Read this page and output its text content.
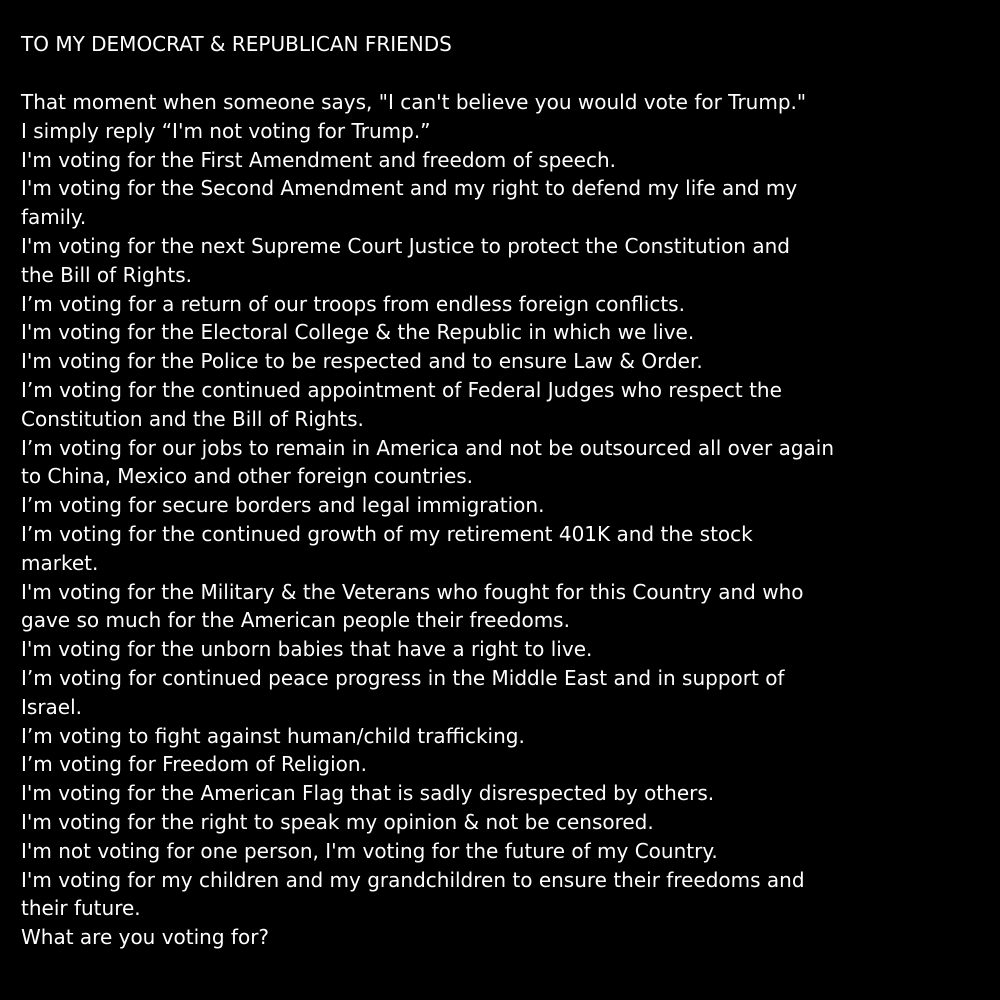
TO MY DEMOCRAT & REPUBLICAN FRIENDS
That moment when someone says, "I can't believe you would vote for Trump."
I simply reply “I'm not voting for Trump.”
I'm voting for the First Amendment and freedom of speech.
I'm voting for the Second Amendment and my right to defend my life and my
family.
I'm voting for the next Supreme Court Justice to protect the Constitution and
the Bill of Rights.
I’m voting for a return of our troops from endless foreign conflicts.
I'm voting for the Electoral College & the Republic in which we live.
I'm voting for the Police to be respected and to ensure Law & Order.
I’m voting for the continued appointment of Federal Judges who respect the
Constitution and the Bill of Rights.
I’m voting for our jobs to remain in America and not be outsourced all over again
to China, Mexico and other foreign countries.
I’m voting for secure borders and legal immigration.
I’m voting for the continued growth of my retirement 401K and the stock
market.
I'm voting for the Military & the Veterans who fought for this Country and who
gave so much for the American people their freedoms.
I'm voting for the unborn babies that have a right to live.
I’m voting for continued peace progress in the Middle East and in support of
Israel.
I’m voting to fight against human/child trafficking.
I’m voting for Freedom of Religion.
I'm voting for the American Flag that is sadly disrespected by others.
I'm voting for the right to speak my opinion & not be censored.
I'm not voting for one person, I'm voting for the future of my Country.
I'm voting for my children and my grandchildren to ensure their freedoms and
their future.
What are you voting for?
